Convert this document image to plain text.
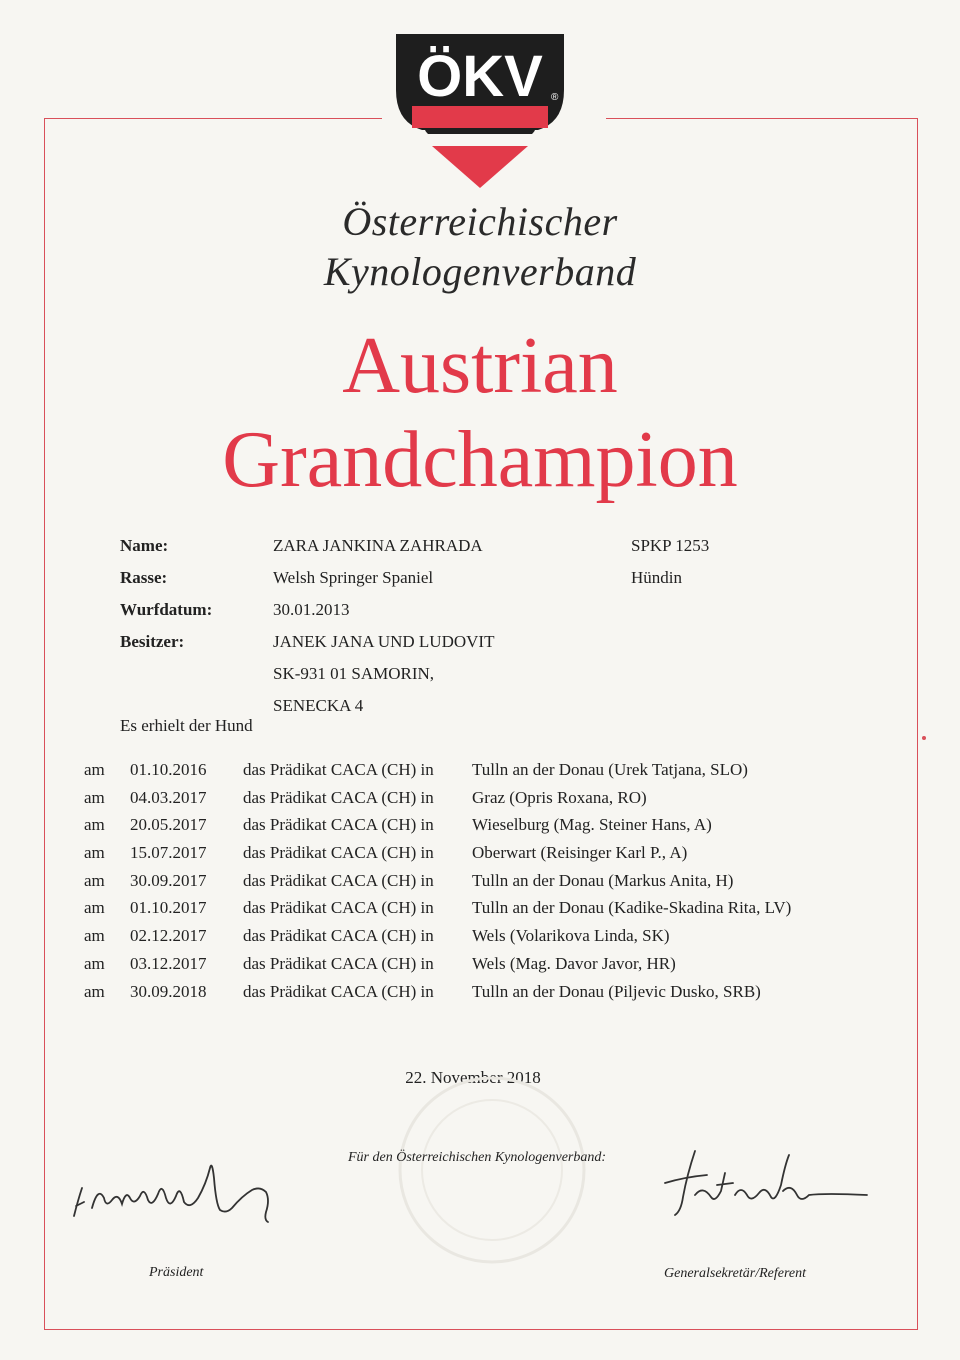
ÖKV ®
Österreichischer
Kynologenverband
Austrian
Grandchampion
Name:	ZARA JANKINA ZAHRADA	SPKP 1253
Rasse:	Welsh Springer Spaniel	Hündin
Wurfdatum:	30.01.2013
Besitzer:	JANEK JANA UND LUDOVIT
SK-931 01 SAMORIN,
SENECKA 4
Es erhielt der Hund
am 01.10.2016 das Prädikat CACA (CH) in Tulln an der Donau (Urek Tatjana, SLO)
am 04.03.2017 das Prädikat CACA (CH) in Graz (Opris Roxana, RO)
am 20.05.2017 das Prädikat CACA (CH) in Wieselburg (Mag. Steiner Hans, A)
am 15.07.2017 das Prädikat CACA (CH) in Oberwart (Reisinger Karl P., A)
am 30.09.2017 das Prädikat CACA (CH) in Tulln an der Donau (Markus Anita, H)
am 01.10.2017 das Prädikat CACA (CH) in Tulln an der Donau (Kadike-Skadina Rita, LV)
am 02.12.2017 das Prädikat CACA (CH) in Wels (Volarikova Linda, SK)
am 03.12.2017 das Prädikat CACA (CH) in Wels (Mag. Davor Javor, HR)
am 30.09.2018 das Prädikat CACA (CH) in Tulln an der Donau (Piljevic Dusko, SRB)
22. November 2018
Für den Österreichischen Kynologenverband:
Präsident	Generalsekretär/Referent
